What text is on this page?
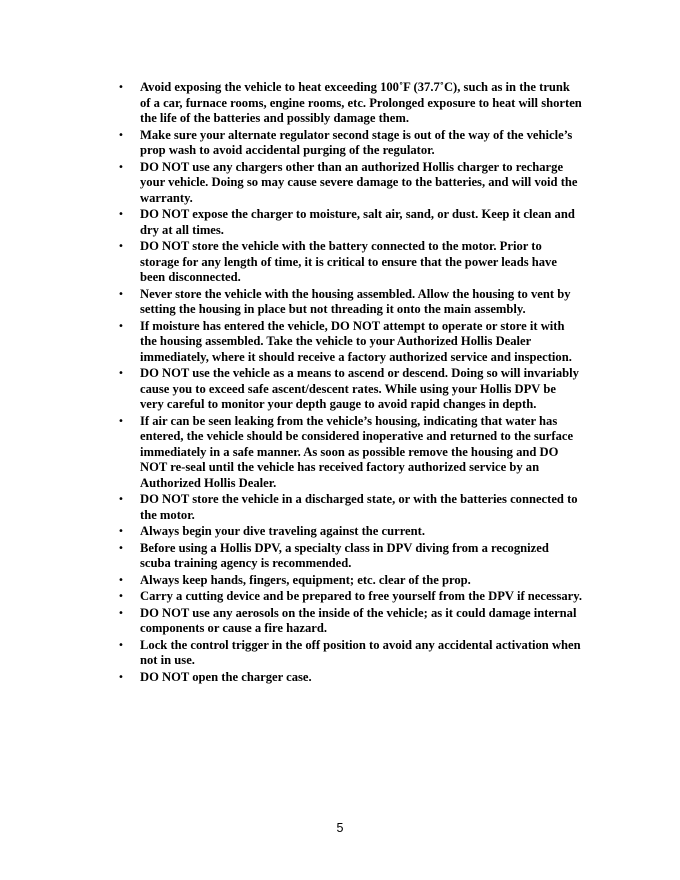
• Avoid exposing the vehicle to heat exceeding 100˚F (37.7˚C), such as in the trunk of a car, furnace rooms, engine rooms, etc. Prolonged exposure to heat will shorten the life of the batteries and possibly damage them.
• Make sure your alternate regulator second stage is out of the way of the vehicle’s prop wash to avoid accidental purging of the regulator.
• DO NOT use any chargers other than an authorized Hollis charger to recharge your vehicle. Doing so may cause severe damage to the batteries, and will void the warranty.
• DO NOT expose the charger to moisture, salt air, sand, or dust. Keep it clean and dry at all times.
• DO NOT store the vehicle with the battery connected to the motor. Prior to storage for any length of time, it is critical to ensure that the power leads have been disconnected.
• Never store the vehicle with the housing assembled. Allow the housing to vent by setting the housing in place but not threading it onto the main assembly.
• If moisture has entered the vehicle, DO NOT attempt to operate or store it with the housing assembled. Take the vehicle to your Authorized Hollis Dealer immediately, where it should receive a factory authorized service and inspection.
• DO NOT use the vehicle as a means to ascend or descend. Doing so will invariably cause you to exceed safe ascent/descent rates. While using your Hollis DPV be very careful to monitor your depth gauge to avoid rapid changes in depth.
• If air can be seen leaking from the vehicle’s housing, indicating that water has entered, the vehicle should be considered inoperative and returned to the surface immediately in a safe manner. As soon as possible remove the housing and DO NOT re-seal until the vehicle has received factory authorized service by an Authorized Hollis Dealer.
• DO NOT store the vehicle in a discharged state, or with the batteries connected to the motor.
• Always begin your dive traveling against the current.
• Before using a Hollis DPV, a specialty class in DPV diving from a recognized scuba training agency is recommended.
• Always keep hands, fingers, equipment; etc. clear of the prop.
• Carry a cutting device and be prepared to free yourself from the DPV if necessary.
• DO NOT use any aerosols on the inside of the vehicle; as it could damage internal components or cause a fire hazard.
• Lock the control trigger in the off position to avoid any accidental activation when not in use.
• DO NOT open the charger case.

5
